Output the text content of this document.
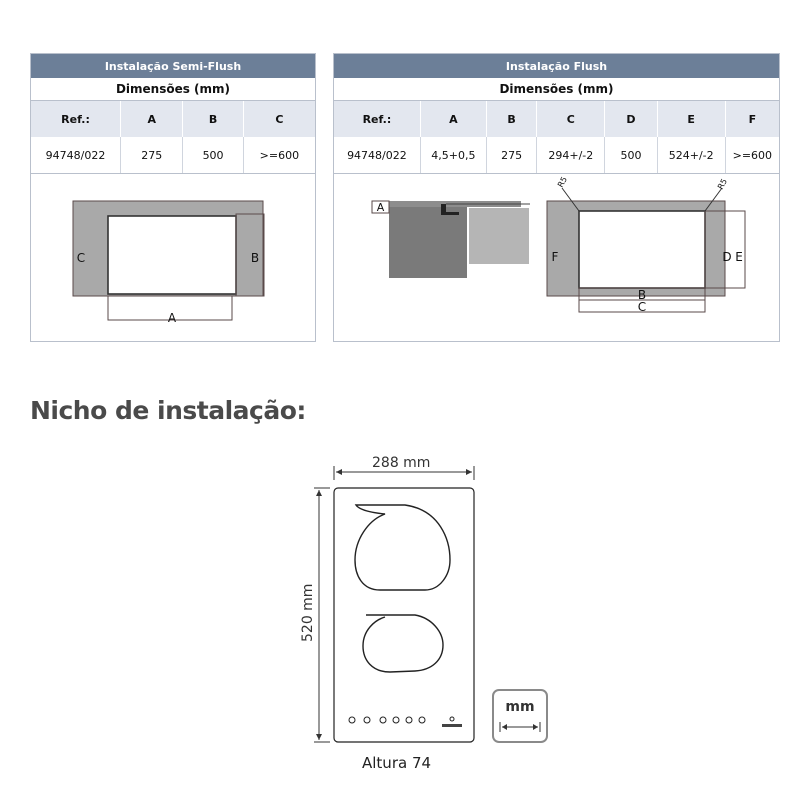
Instalação Semi-Flush
Dimensões (mm)
Ref.:	A	B	C
94748/022	275	500	>=600
C	B
A
Instalação Flush
Dimensões (mm)
Ref.:	A	B	C	D	E	F
94748/022	4,5+0,5	275	294+/-2	500	524+/-2	>=600
A
R5	R5
F	D E
B
C
Nicho de instalação:
288 mm
520 mm
Altura 74
mm
